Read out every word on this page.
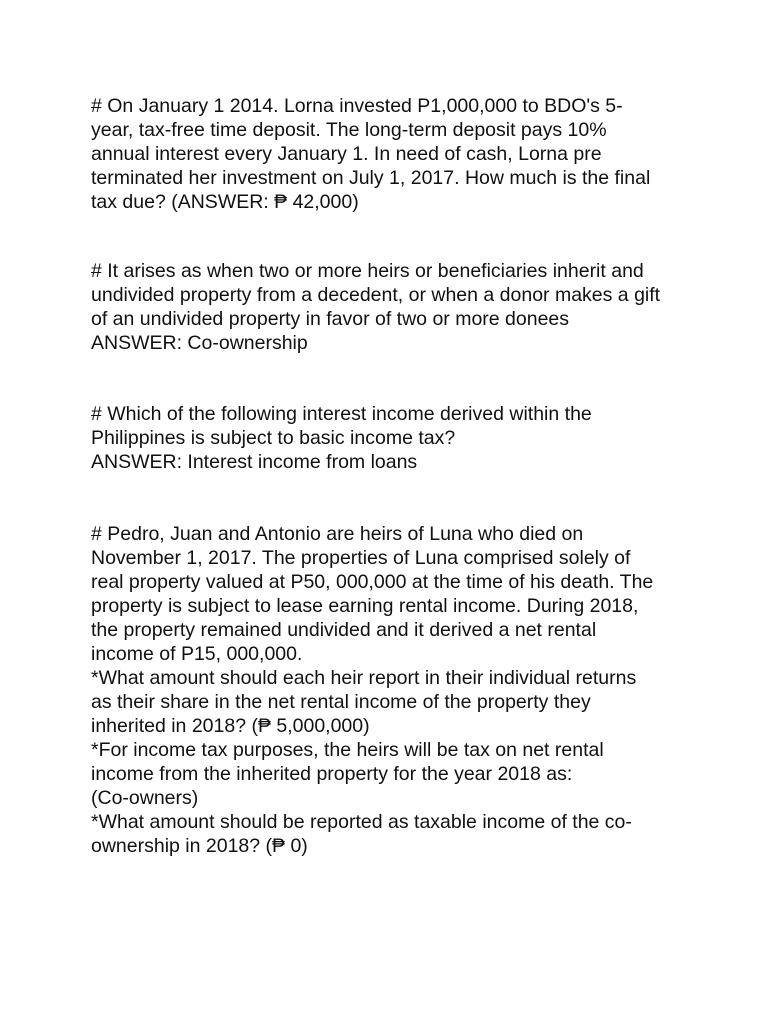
# On January 1 2014. Lorna invested P1,000,000 to BDO's 5-
year, tax-free time deposit. The long-term deposit pays 10%
annual interest every January 1. In need of cash, Lorna pre
terminated her investment on July 1, 2017. How much is the final
tax due? (ANSWER: ₱ 42,000)
# It arises as when two or more heirs or beneficiaries inherit and
undivided property from a decedent, or when a donor makes a gift
of an undivided property in favor of two or more donees
ANSWER: Co-ownership
# Which of the following interest income derived within the
Philippines is subject to basic income tax?
ANSWER: Interest income from loans
# Pedro, Juan and Antonio are heirs of Luna who died on
November 1, 2017. The properties of Luna comprised solely of
real property valued at P50, 000,000 at the time of his death. The
property is subject to lease earning rental income. During 2018,
the property remained undivided and it derived a net rental
income of P15, 000,000.
*What amount should each heir report in their individual returns
as their share in the net rental income of the property they
inherited in 2018? (₱ 5,000,000)
*For income tax purposes, the heirs will be tax on net rental
income from the inherited property for the year 2018 as:
(Co-owners)
*What amount should be reported as taxable income of the co-
ownership in 2018? (₱ 0)
